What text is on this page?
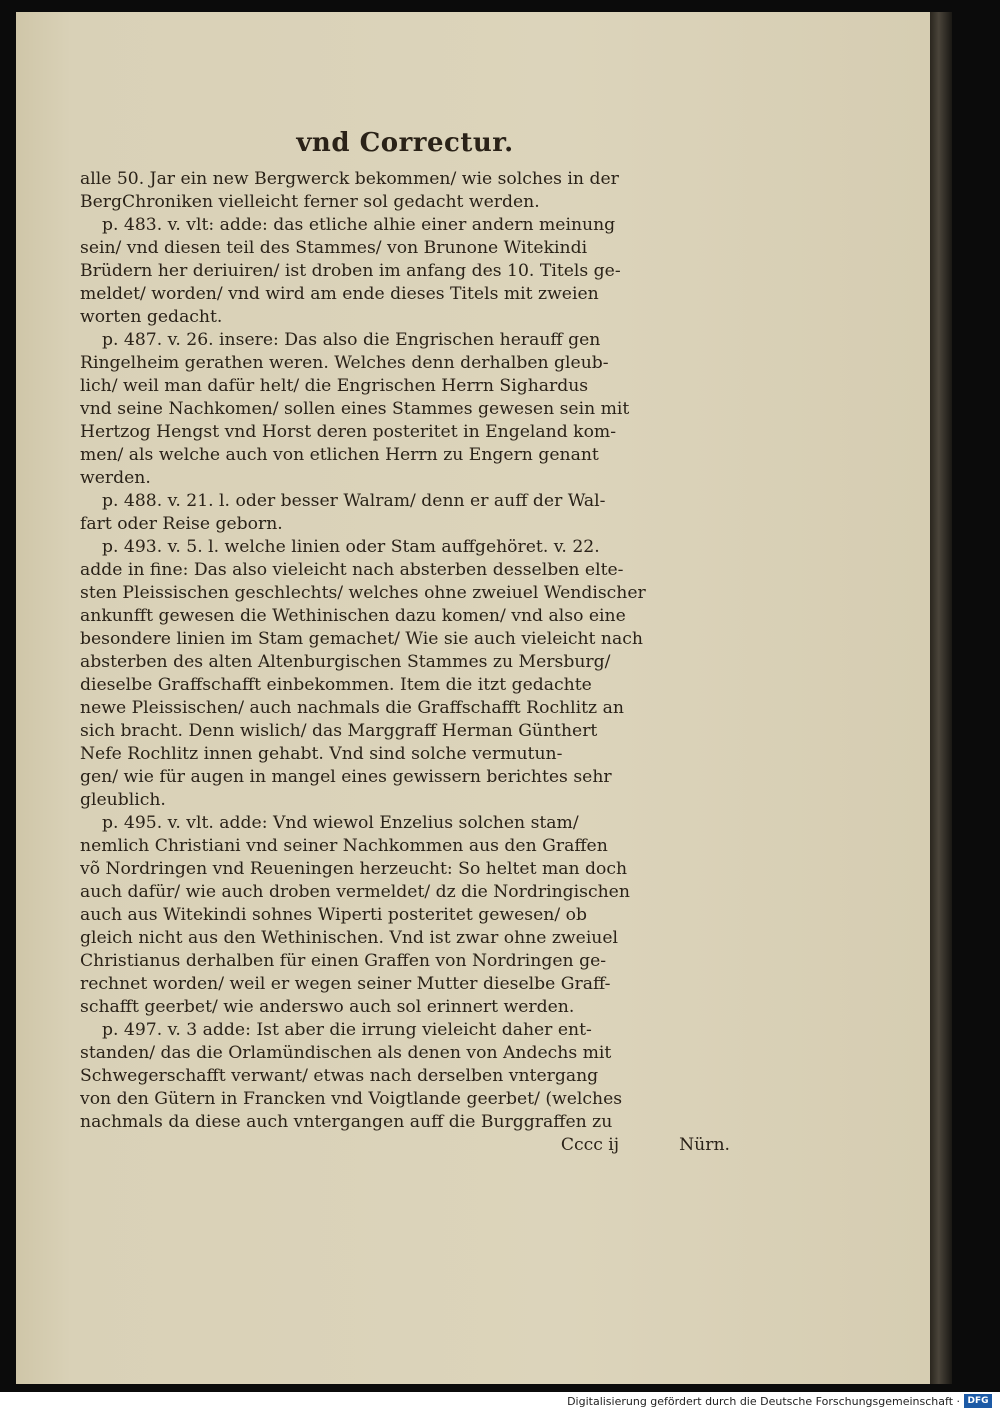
vnd Correctur.
alle 50. Jar ein new Bergwerck bekommen/ wie solches in der
BergChroniken vielleicht ferner sol gedacht werden.
p. 483. v. vlt: adde: das etliche alhie einer andern meinung
sein/ vnd diesen teil des Stammes/ von Brunone Witekindi
Brüdern her deriuiren/ ist droben im anfang des 10. Titels ge-
meldet/ worden/ vnd wird am ende dieses Titels mit zweien
worten gedacht.
p. 487. v. 26. insere: Das also die Engrischen herauff gen
Ringelheim gerathen weren. Welches denn derhalben gleub-
lich/ weil man dafür helt/ die Engrischen Herrn Sighardus
vnd seine Nachkomen/ sollen eines Stammes gewesen sein mit
Hertzog Hengst vnd Horst deren posteritet in Engeland kom-
men/ als welche auch von etlichen Herrn zu Engern genant
werden.
p. 488. v. 21. l. oder besser Walram/ denn er auff der Wal-
fart oder Reise geborn.
p. 493. v. 5. l. welche linien oder Stam auffgehöret. v. 22.
adde in fine: Das also vieleicht nach absterben desselben elte-
sten Pleissischen geschlechts/ welches ohne zweiuel Wendischer
ankunfft gewesen die Wethinischen dazu komen/ vnd also eine
besondere linien im Stam gemachet/ Wie sie auch vieleicht nach
absterben des alten Altenburgischen Stammes zu Mersburg/
dieselbe Graffschafft einbekommen. Item die itzt gedachte
newe Pleissischen/ auch nachmals die Graffschafft Rochlitz an
sich bracht. Denn wislich/ das Marggraff Herman Günthert
Nefe Rochlitz innen gehabt. Vnd sind solche vermutun-
gen/ wie für augen in mangel eines gewissern berichtes sehr
gleublich.
p. 495. v. vlt. adde: Vnd wiewol Enzelius solchen stam/
nemlich Christiani vnd seiner Nachkommen aus den Graffen
võ Nordringen vnd Reueningen herzeucht: So heltet man doch
auch dafür/ wie auch droben vermeldet/ dz die Nordringischen
auch aus Witekindi sohnes Wiperti posteritet gewesen/ ob
gleich nicht aus den Wethinischen. Vnd ist zwar ohne zweiuel
Christianus derhalben für einen Graffen von Nordringen ge-
rechnet worden/ weil er wegen seiner Mutter dieselbe Graff-
schafft geerbet/ wie anderswo auch sol erinnert werden.
p. 497. v. 3 adde: Ist aber die irrung vieleicht daher ent-
standen/ das die Orlamündischen als denen von Andechs mit
Schwegerschafft verwant/ etwas nach derselben vntergang
von den Gütern in Francken vnd Voigtlande geerbet/ (welches
nachmals da diese auch vntergangen auff die Burggraffen zu
Cccc ij	Nürn.
Digitalisierung gefördert durch die Deutsche Forschungsgemeinschaft · DFG
